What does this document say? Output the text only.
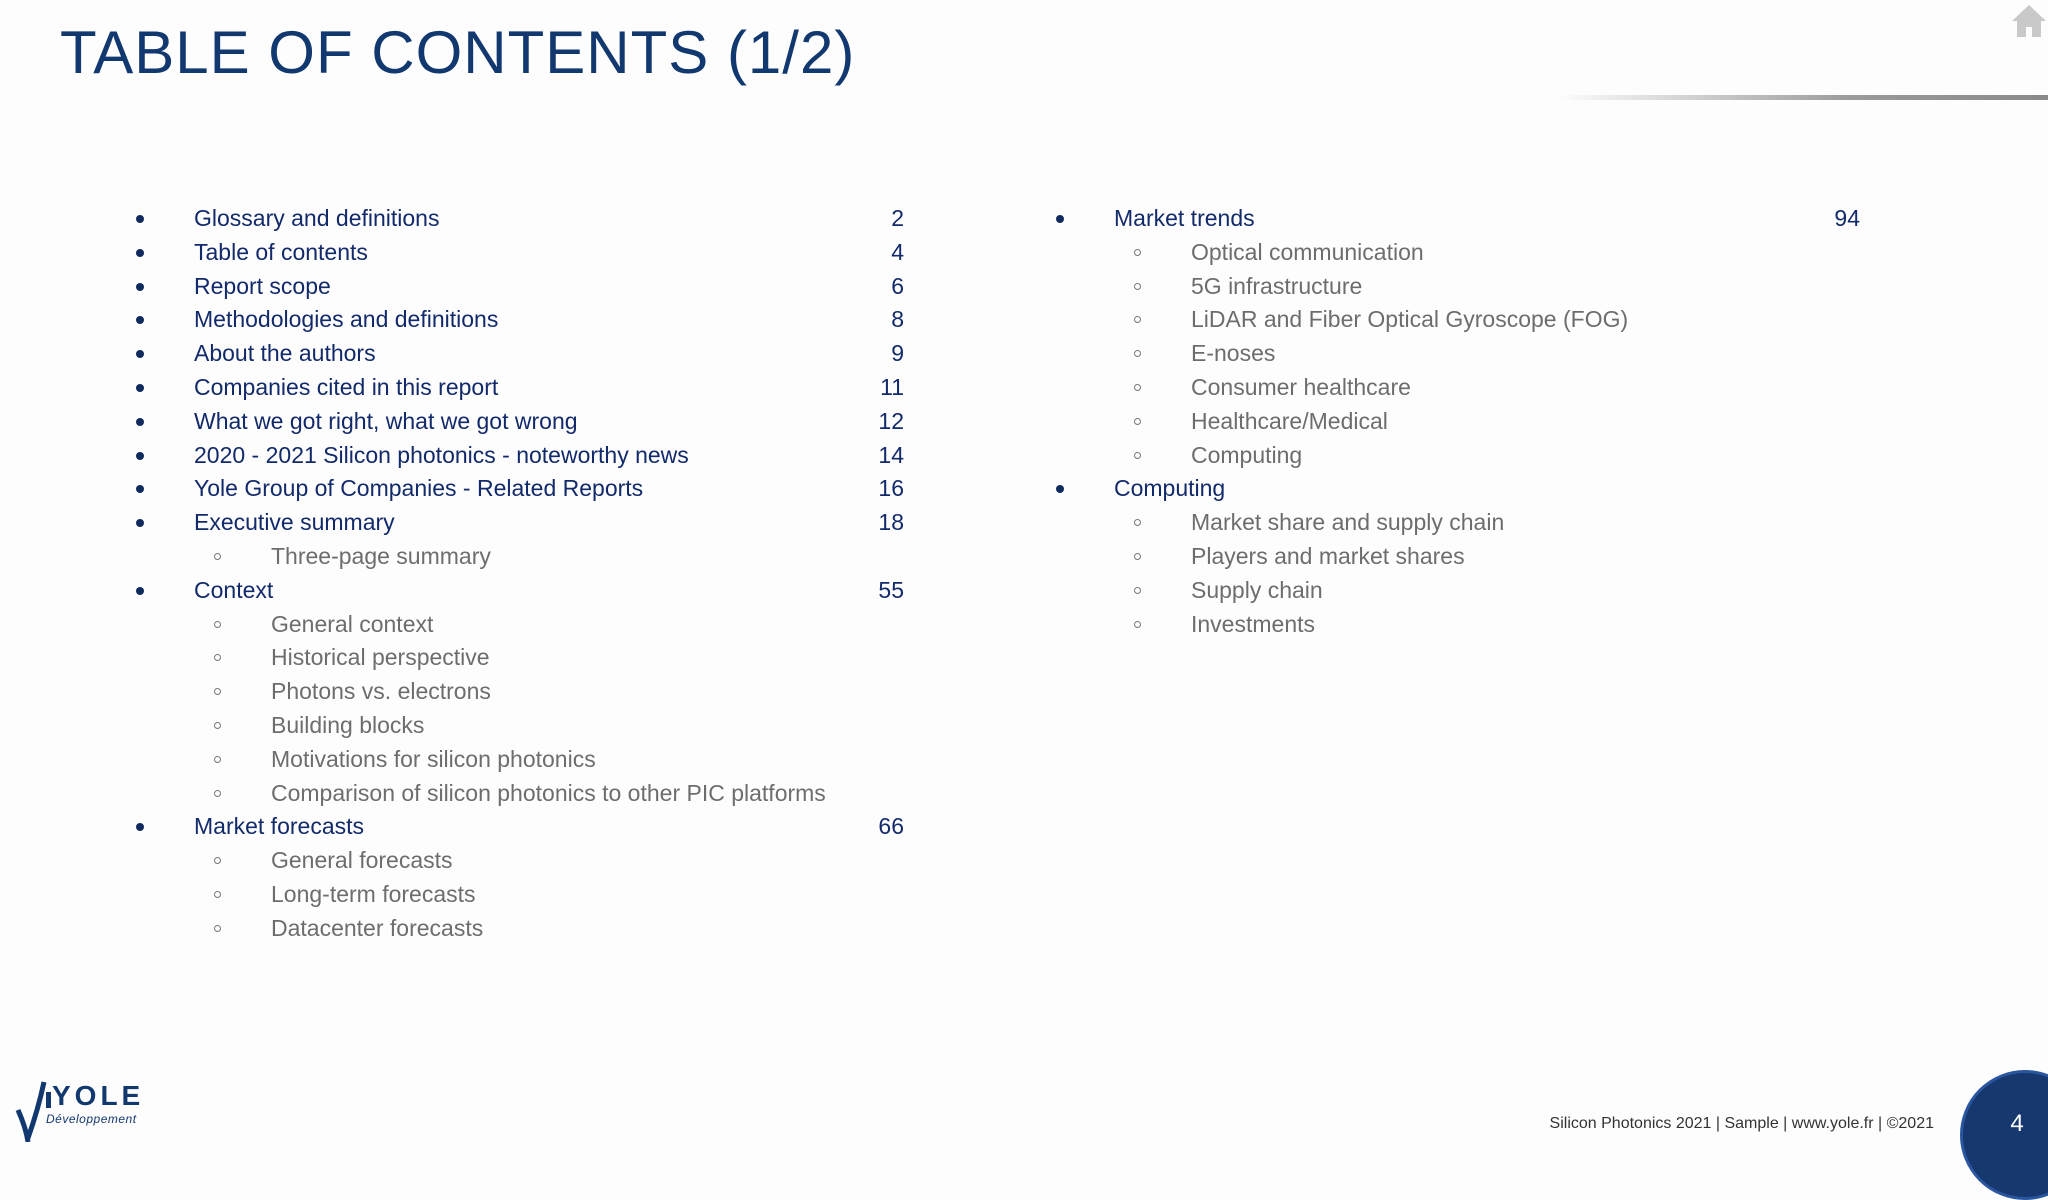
TABLE OF CONTENTS (1/2)
Glossary and definitions	2
Table of contents	4
Report scope	6
Methodologies and definitions	8
About the authors	9
Companies cited in this report	11
What we got right, what we got wrong	12
2020 - 2021 Silicon photonics - noteworthy news	14
Yole Group of Companies - Related Reports	16
Executive summary	18
Three-page summary
Context	55
General context
Historical perspective
Photons vs. electrons
Building blocks
Motivations for silicon photonics
Comparison of silicon photonics to other PIC platforms
Market forecasts	66
General forecasts
Long-term forecasts
Datacenter forecasts
Market trends	94
Optical communication
5G infrastructure
LiDAR and Fiber Optical Gyroscope (FOG)
E-noses
Consumer healthcare
Healthcare/Medical
Computing
Computing
Market share and supply chain
Players and market shares
Supply chain
Investments
YOLE
Développement	Silicon Photonics 2021 | Sample | www.yole.fr | ©2021	4
